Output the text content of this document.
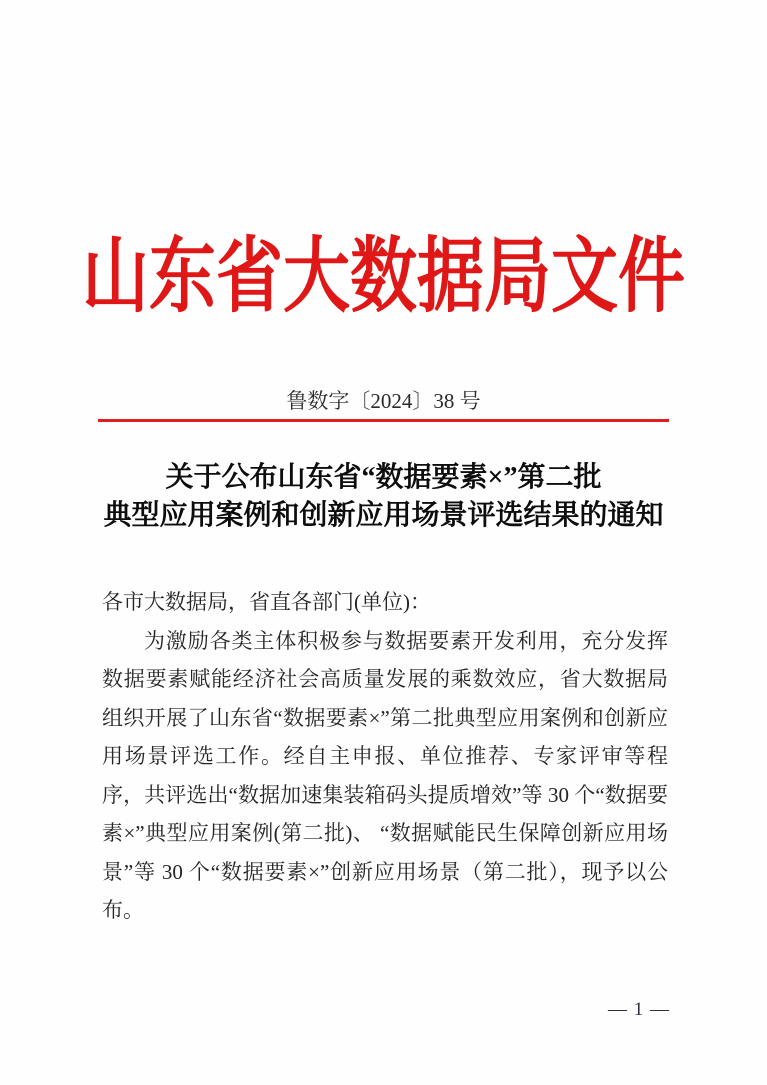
山东省大数据局文件
鲁数字〔2024〕38 号
关于公布山东省“数据要素×”第二批
典型应用案例和创新应用场景评选结果的通知
各市大数据局，省直各部门(单位)：

为激励各类主体积极参与数据要素开发利用，充分发挥数据要素赋能经济社会高质量发展的乘数效应，省大数据局组织开展了山东省“数据要素×”第二批典型应用案例和创新应用场景评选工作。经自主申报、单位推荐、专家评审等程序，共评选出“数据加速集装箱码头提质增效”等 30 个“数据要素×”典型应用案例(第二批)、 “数据赋能民生保障创新应用场景”等 30 个“数据要素×”创新应用场景（第二批），现予以公布。

— 1 —
